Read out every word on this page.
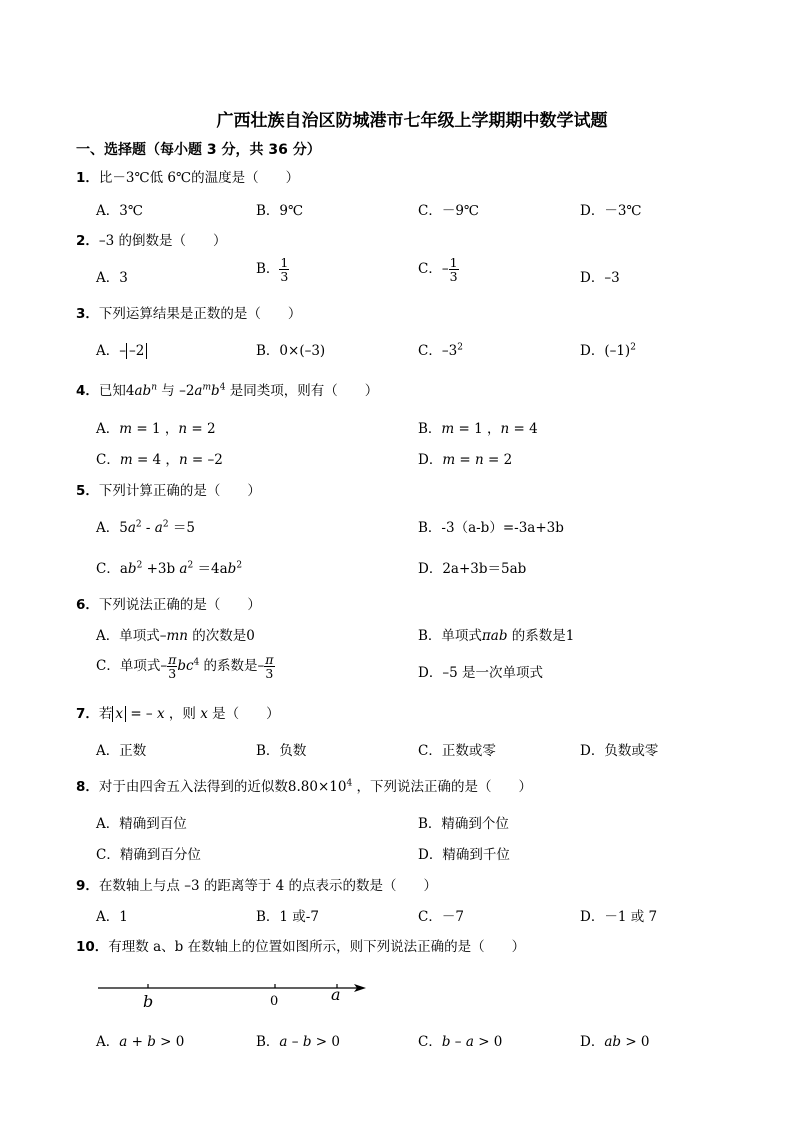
广西壮族自治区防城港市七年级上学期期中数学试题
一、选择题（每小题 3 分，共 36 分）
1．比－3℃低 6℃的温度是（　　）
A．3℃	B．9℃	C．－9℃	D．－3℃
2．–3 的倒数是（　　）
A．3
B． $\frac{1}{3}$	C．– $\frac{1}{3}$	D．–3
3．下列运算结果是正数的是（　　）
A．– –2	B．0×(–3)	C．$-3^2$	D．$(-1)^2$
4．已知$4ab^n$ 与 $-2a^mb^4$ 是同类项，则有（　　）
A．m = 1 ，n = 2	B．m = 1 ，n = 4
C．m = 4 ，n = –2	D．m = n = 2
5．下列计算正确的是（　　）
A．$5a^2 - a^2 =5$	B．-3（a-b）=-3a+3b
C．$ab^2 +3b$ $a^2 =4ab^2$	D．2a+3b＝5ab
6．下列说法正确的是（　　）
A．单项式–mn 的次数是0	B．单项式πab 的系数是1
C．单项式– $\frac{\pi}{3} bc^4$ 的系数是– $\frac{\pi}{3}$	D．–5 是一次单项式
7．若 x = – x ，则 x 是（　　）
A．正数	B．负数	C．正数或零	D．负数或零
8．对于由四舍五入法得到的近似数$8.80\times 10^4$ ，下列说法正确的是（　　）
A．精确到百位	B．精确到个位
C．精确到百分位	D．精确到千位
9．在数轴上与点 –3 的距离等于 4 的点表示的数是（　　）
A．1	B．1 或-7	C．－7	D．－1 或 7
10．有理数 a、b 在数轴上的位置如图所示，则下列说法正确的是（　　）
b	0	a
A．a + b > 0	B．a – b > 0	C．b – a > 0	D．ab > 0
